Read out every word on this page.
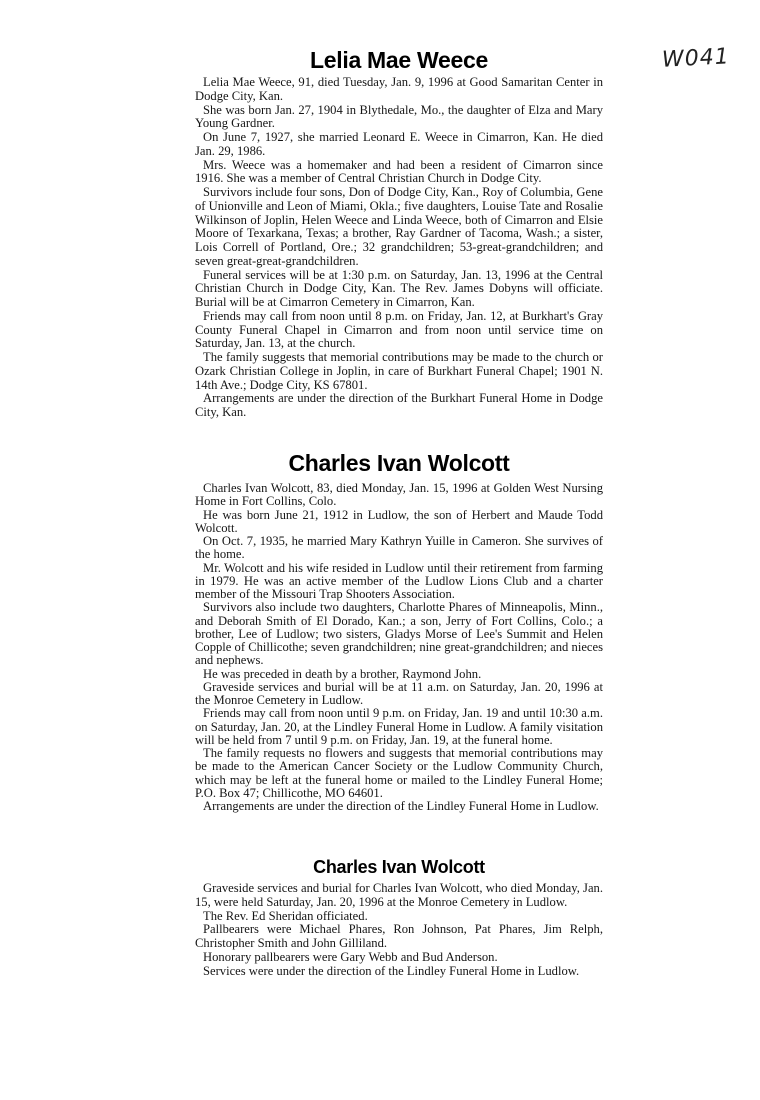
W041
Lelia Mae Weece

Lelia Mae Weece, 91, died Tuesday, Jan. 9, 1996 at Good Samaritan Center in Dodge City, Kan.

She was born Jan. 27, 1904 in Blythedale, Mo., the daughter of Elza and Mary Young Gardner.

On June 7, 1927, she married Leonard E. Weece in Cimarron, Kan. He died Jan. 29, 1986.

Mrs. Weece was a homemaker and had been a resident of Cimarron since 1916. She was a member of Central Christian Church in Dodge City.

Survivors include four sons, Don of Dodge City, Kan., Roy of Columbia, Gene of Unionville and Leon of Miami, Okla.; five daughters, Louise Tate and Rosalie Wilkinson of Joplin, Helen Weece and Linda Weece, both of Cimarron and Elsie Moore of Texarkana, Texas; a brother, Ray Gardner of Tacoma, Wash.; a sister, Lois Correll of Portland, Ore.; 32 grandchildren; 53-great-grandchildren; and seven great-great-grandchildren.

Funeral services will be at 1:30 p.m. on Saturday, Jan. 13, 1996 at the Central Christian Church in Dodge City, Kan. The Rev. James Dobyns will officiate. Burial will be at Cimarron Cemetery in Cimarron, Kan.

Friends may call from noon until 8 p.m. on Friday, Jan. 12, at Burkhart's Gray County Funeral Chapel in Cimarron and from noon until service time on Saturday, Jan. 13, at the church.

The family suggests that memorial contributions may be made to the church or Ozark Christian College in Joplin, in care of Burkhart Funeral Chapel; 1901 N. 14th Ave.; Dodge City, KS 67801.

Arrangements are under the direction of the Burkhart Funeral Home in Dodge City, Kan.

Charles Ivan Wolcott

Charles Ivan Wolcott, 83, died Monday, Jan. 15, 1996 at Golden West Nursing Home in Fort Collins, Colo.

He was born June 21, 1912 in Ludlow, the son of Herbert and Maude Todd Wolcott.

On Oct. 7, 1935, he married Mary Kathryn Yuille in Cameron. She survives of the home.

Mr. Wolcott and his wife resided in Ludlow until their retirement from farming in 1979. He was an active member of the Ludlow Lions Club and a charter member of the Missouri Trap Shooters Association.

Survivors also include two daughters, Charlotte Phares of Minneapolis, Minn., and Deborah Smith of El Dorado, Kan.; a son, Jerry of Fort Collins, Colo.; a brother, Lee of Ludlow; two sisters, Gladys Morse of Lee's Summit and Helen Copple of Chillicothe; seven grandchildren; nine great-grandchildren; and nieces and nephews.

He was preceded in death by a brother, Raymond John.

Graveside services and burial will be at 11 a.m. on Saturday, Jan. 20, 1996 at the Monroe Cemetery in Ludlow.

Friends may call from noon until 9 p.m. on Friday, Jan. 19 and until 10:30 a.m. on Saturday, Jan. 20, at the Lindley Funeral Home in Ludlow. A family visitation will be held from 7 until 9 p.m. on Friday, Jan. 19, at the funeral home.

The family requests no flowers and suggests that memorial contributions may be made to the American Cancer Society or the Ludlow Community Church, which may be left at the funeral home or mailed to the Lindley Funeral Home; P.O. Box 47; Chillicothe, MO 64601.

Arrangements are under the direction of the Lindley Funeral Home in Ludlow.

Charles Ivan Wolcott

Graveside services and burial for Charles Ivan Wolcott, who died Monday, Jan. 15, were held Saturday, Jan. 20, 1996 at the Monroe Cemetery in Ludlow.

The Rev. Ed Sheridan officiated.

Pallbearers were Michael Phares, Ron Johnson, Pat Phares, Jim Relph, Christopher Smith and John Gilliland.

Honorary pallbearers were Gary Webb and Bud Anderson.

Services were under the direction of the Lindley Funeral Home in Ludlow.
